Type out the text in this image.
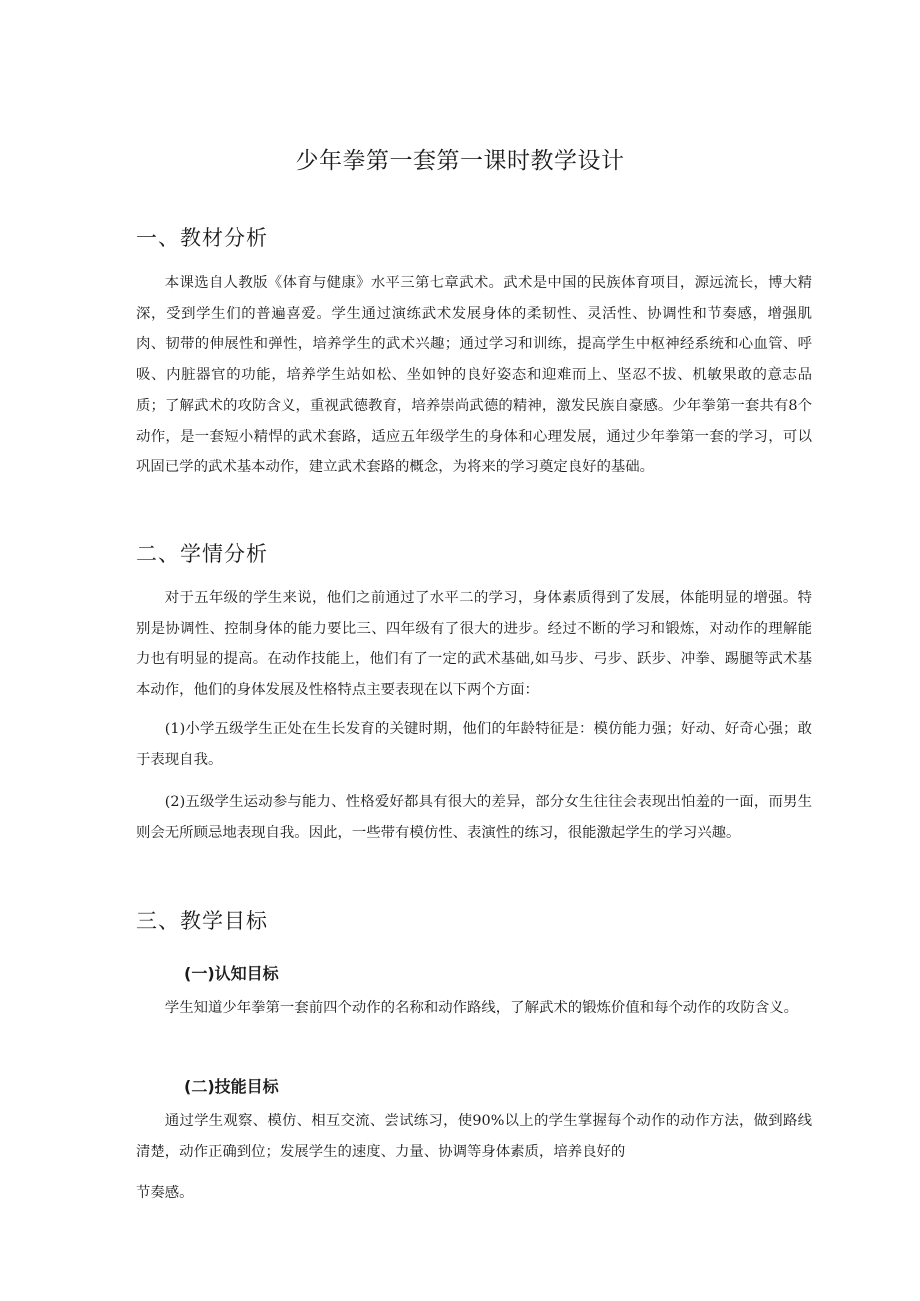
少年拳第一套第一课时教学设计
一、教材分析
本课选自人教版《体育与健康》水平三第七章武术。武术是中国的民族体育项目，源远流长，博大精深，受到学生们的普遍喜爱。学生通过演练武术发展身体的柔韧性、灵活性、协调性和节奏感，增强肌肉、韧带的伸展性和弹性，培养学生的武术兴趣；通过学习和训练，提高学生中枢神经系统和心血管、呼吸、内脏器官的功能，培养学生站如松、坐如钟的良好姿态和迎难而上、坚忍不拔、机敏果敢的意志品质；了解武术的攻防含义，重视武德教育，培养崇尚武德的精神，激发民族自豪感。少年拳第一套共有8个动作，是一套短小精悍的武术套路，适应五年级学生的身体和心理发展，通过少年拳第一套的学习，可以巩固已学的武术基本动作，建立武术套路的概念，为将来的学习奠定良好的基础。
二、学情分析
对于五年级的学生来说，他们之前通过了水平二的学习，身体素质得到了发展，体能明显的增强。特别是协调性、控制身体的能力要比三、四年级有了很大的进步。经过不断的学习和锻炼，对动作的理解能力也有明显的提高。在动作技能上，他们有了一定的武术基础,如马步、弓步、跃步、冲拳、踢腿等武术基本动作，他们的身体发展及性格特点主要表现在以下两个方面：
(1)小学五级学生正处在生长发育的关键时期，他们的年龄特征是：模仿能力强；好动、好奇心强；敢于表现自我。
(2)五级学生运动参与能力、性格爱好都具有很大的差异，部分女生往往会表现出怕羞的一面，而男生则会无所顾忌地表现自我。因此，一些带有模仿性、表演性的练习，很能激起学生的学习兴趣。
三、教学目标
(一)认知目标
学生知道少年拳第一套前四个动作的名称和动作路线，了解武术的锻炼价值和每个动作的攻防含义。
(二)技能目标
通过学生观察、模仿、相互交流、尝试练习，使90%以上的学生掌握每个动作的动作方法，做到路线清楚，动作正确到位；发展学生的速度、力量、协调等身体素质，培养良好的
节奏感。
